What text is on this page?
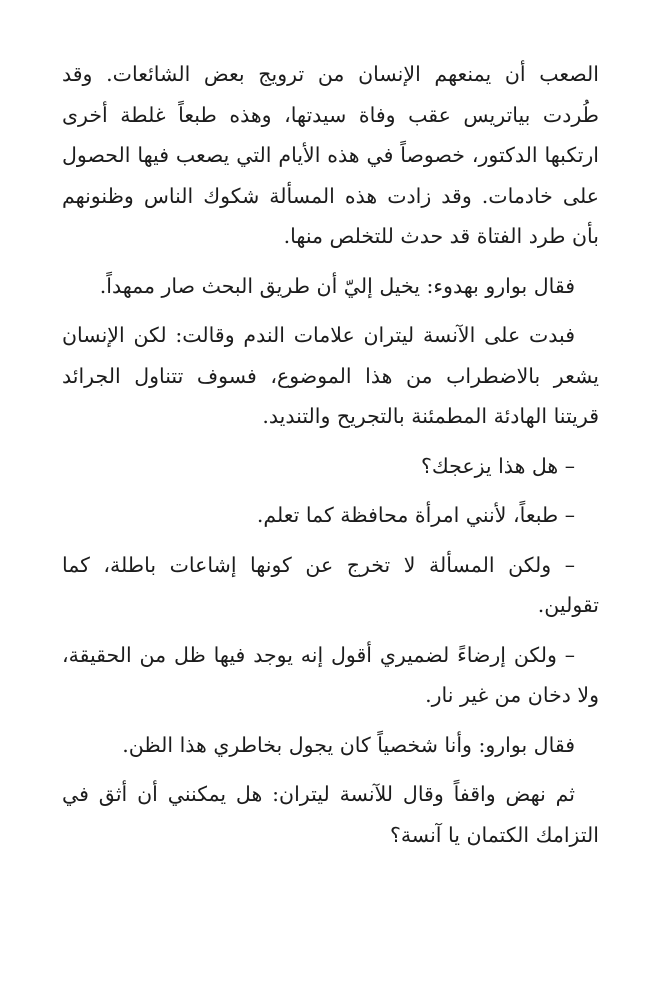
الصعب أن يمنعهم الإنسان من ترويج بعض الشائعات. وقد طُردت بياتريس عقب وفاة سيدتها، وهذه طبعاً غلطة أخرى ارتكبها الدكتور، خصوصاً في هذه الأيام التي يصعب فيها الحصول على خادمات. وقد زادت هذه المسألة شكوك الناس وظنونهم بأن طرد الفتاة قد حدث للتخلص منها.

فقال بوارو بهدوء: يخيل إليّ أن طريق البحث صار ممهداً.

فبدت على الآنسة ليتران علامات الندم وقالت: لكن الإنسان يشعر بالاضطراب من هذا الموضوع، فسوف تتناول الجرائد قريتنا الهادئة المطمئنة بالتجريح والتنديد.

– هل هذا يزعجك؟

– طبعاً، لأنني امرأة محافظة كما تعلم.

– ولكن المسألة لا تخرج عن كونها إشاعات باطلة، كما تقولين.

– ولكن إرضاءً لضميري أقول إنه يوجد فيها ظل من الحقيقة، ولا دخان من غير نار.

فقال بوارو: وأنا شخصياً كان يجول بخاطري هذا الظن.

ثم نهض واقفاً وقال للآنسة ليتران: هل يمكنني أن أثق في التزامك الكتمان يا آنسة؟
